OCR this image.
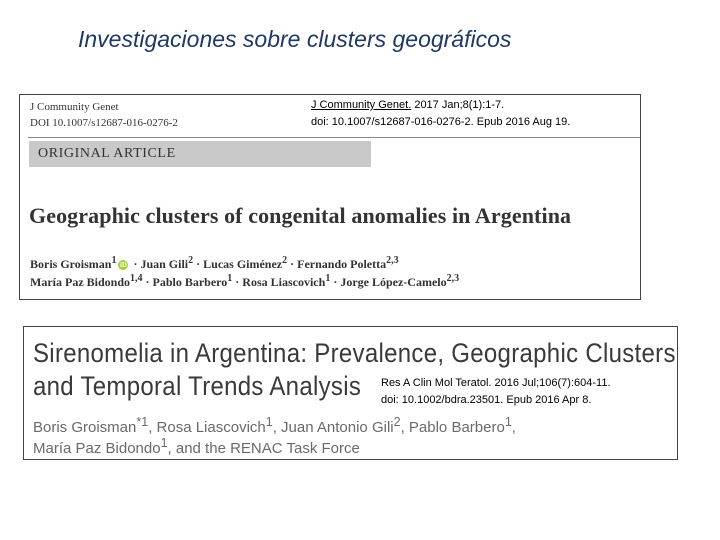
Investigaciones sobre clusters geográficos
J Community Genet
DOI 10.1007/s12687-016-0276-2
J Community Genet. 2017 Jan;8(1):1-7.
doi: 10.1007/s12687-016-0276-2. Epub 2016 Aug 19.
ORIGINAL ARTICLE
Geographic clusters of congenital anomalies in Argentina
Boris Groisman$^1$ iD · Juan Gili$^2$ · Lucas Giménez$^2$ · Fernando Poletta$^{2,3}$
María Paz Bidondo$^{1,4}$ · Pablo Barbero$^1$ · Rosa Liascovich$^1$ · Jorge López-Camelo$^{2,3}$
Sirenomelia in Argentina: Prevalence, Geographic Clusters
and Temporal Trends Analysis
Boris Groisman$^{*1}$, Rosa Liascovich$^1$, Juan Antonio Gili$^2$, Pablo Barbero$^1$,
María Paz Bidondo$^1$, and the RENAC Task Force
Res A Clin Mol Teratol. 2016 Jul;106(7):604-11.
doi: 10.1002/bdra.23501. Epub 2016 Apr 8.
